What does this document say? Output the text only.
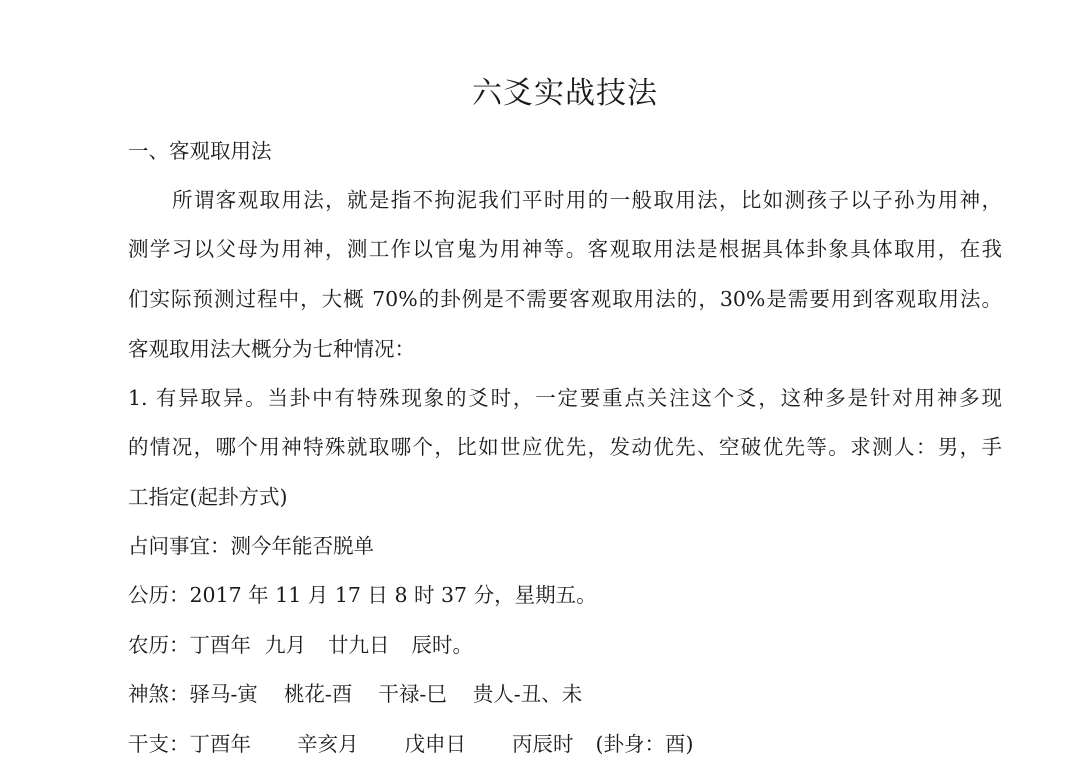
六爻实战技法
一、客观取用法
所谓客观取用法，就是指不拘泥我们平时用的一般取用法，比如测孩子以子孙为用神，
测学习以父母为用神，测工作以官鬼为用神等。客观取用法是根据具体卦象具体取用，在我
们实际预测过程中，大概 70%的卦例是不需要客观取用法的，30%是需要用到客观取用法。
客观取用法大概分为七种情况：
1. 有异取异。当卦中有特殊现象的爻时，一定要重点关注这个爻，这种多是针对用神多现
的情况，哪个用神特殊就取哪个，比如世应优先，发动优先、空破优先等。求测人：男，手
工指定(起卦方式)
占问事宜：测今年能否脱单
公历：2017 年 11 月 17 日 8 时 37 分，星期五。
农历：丁酉年 九月 廿九日 辰时。
神煞：驿马-寅 桃花-酉 干禄-巳 贵人-丑、未
干支：丁酉年 辛亥月 戊申日 丙辰时 (卦身：酉)
